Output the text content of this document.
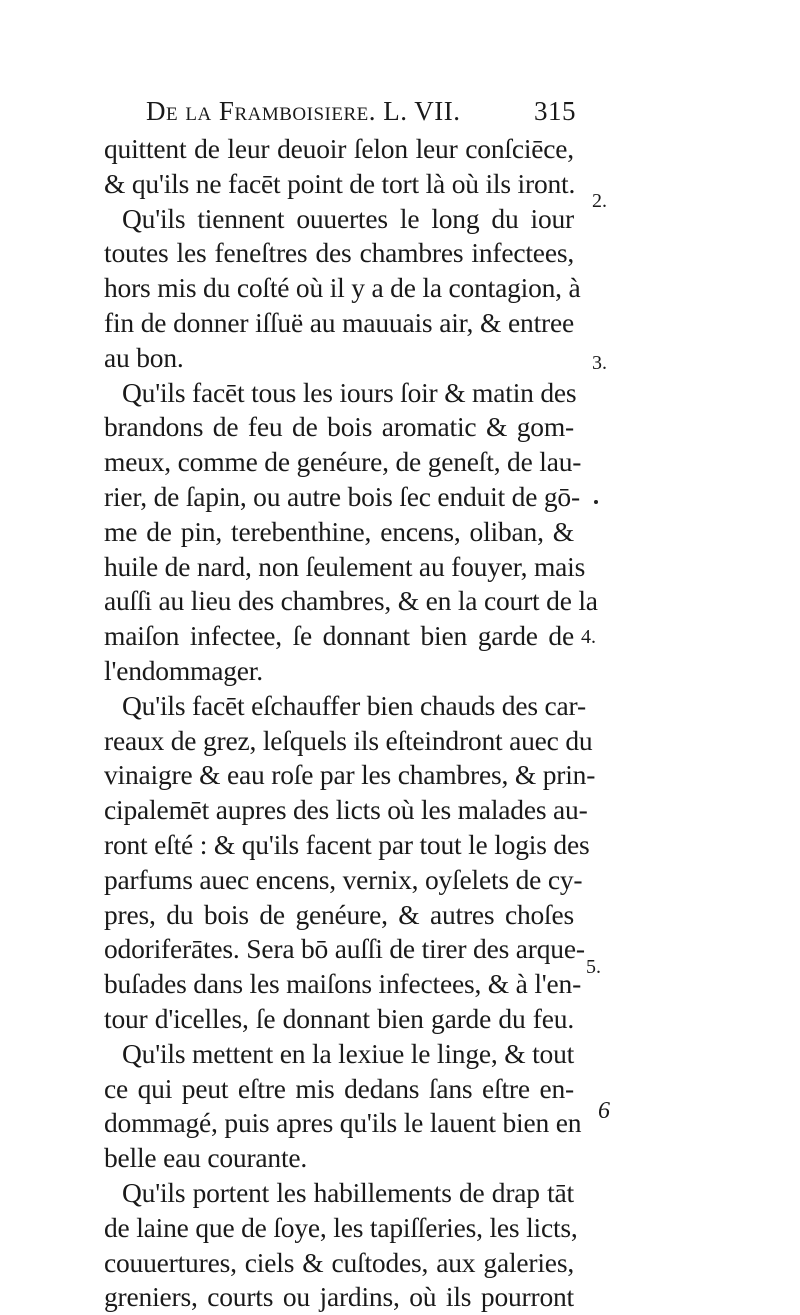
De la Framboisiere. L. VII.	315
quittent de leur deuoir ſelon leur conſciēce,
& qu'ils ne facēt point de tort là où ils iront.
Qu'ils tiennent ouuertes le long du iour
toutes les feneſtres des chambres infectees,
hors mis du coſté où il y a de la contagion, à
fin de donner iſſuë au mauuais air, & entree
au bon.
Qu'ils facēt tous les iours ſoir & matin des
brandons de feu de bois aromatic & gom-
meux, comme de genéure, de geneſt, de lau-
rier, de ſapin, ou autre bois ſec enduit de gō-
me de pin, terebenthine, encens, oliban, &
huile de nard, non ſeulement au fouyer, mais
auſſi au lieu des chambres, & en la court de la
maiſon infectee, ſe donnant bien garde de
l'endommager.
Qu'ils facēt eſchauffer bien chauds des car-
reaux de grez, leſquels ils eſteindront auec du
vinaigre & eau roſe par les chambres, & prin-
cipalemēt aupres des licts où les malades au-
ront eſté : & qu'ils facent par tout le logis des
parfums auec encens, vernix, oyſelets de cy-
pres, du bois de genéure, & autres choſes
odoriferātes. Sera bō auſſi de tirer des arque-
buſades dans les maiſons infectees, & à l'en-
tour d'icelles, ſe donnant bien garde du feu.
Qu'ils mettent en la lexiue le linge, & tout
ce qui peut eſtre mis dedans ſans eſtre en-
dommagé, puis apres qu'ils le lauent bien en
belle eau courante.
Qu'ils portent les habillements de drap tāt
de laine que de ſoye, les tapiſſeries, les licts,
couuertures, ciels & cuſtodes, aux galeries,
greniers, courts ou jardins, où ils pourront
2.
3.
4.
5.
6
